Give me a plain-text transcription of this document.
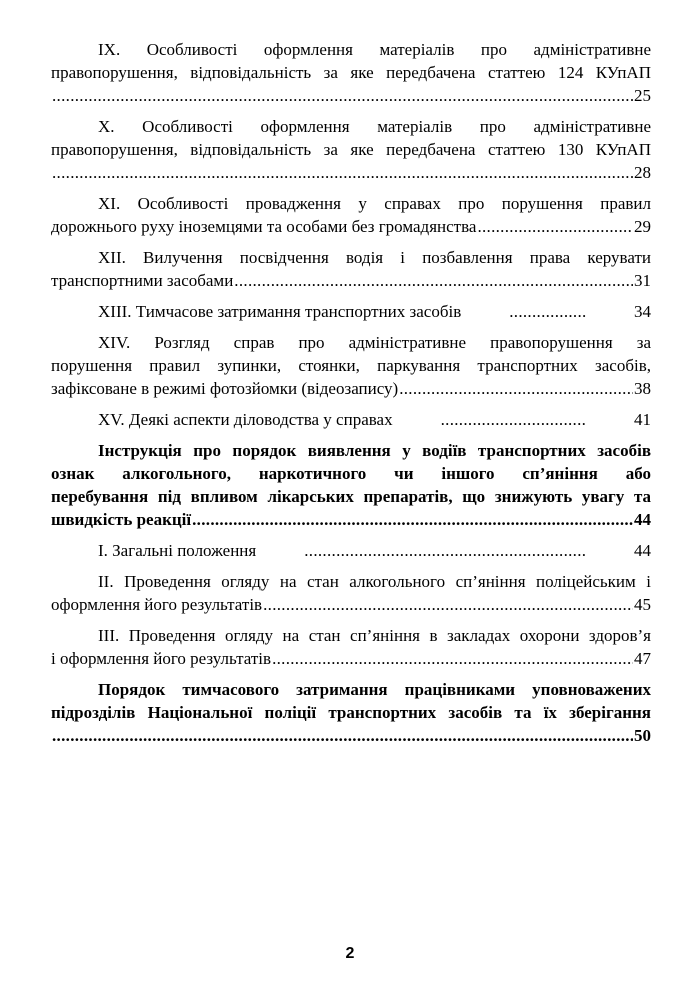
IX. Особливості оформлення матеріалів про адміністративне
правопорушення, відповідальність за яке передбачена статтею 124 КУпАП
.....
25
X. Особливості оформлення матеріалів про адміністративне
правопорушення, відповідальність за яке передбачена статтею 130 КУпАП
.....
28
XI. Особливості провадження у справах про порушення правил
дорожнього руху іноземцями та особами без громадянства .....	29
XII. Вилучення посвідчення водія і позбавлення права керувати
транспортними засобами .....	31
XIII. Тимчасове затримання транспортних засобів .....	34
XIV. Розгляд справ про адміністративне правопорушення за
порушення правил зупинки, стоянки, паркування транспортних засобів,
зафіксоване в режимі фотозйомки (відеозапису) .....	38
XV. Деякі аспекти діловодства у справах .....	41
Інструкція про порядок виявлення у водіїв транспортних засобів
ознак алкогольного, наркотичного чи іншого сп’яніння або
перебування під впливом лікарських препаратів, що знижують увагу та
швидкість реакції .....	44
I. Загальні положення .....	44
II. Проведення огляду на стан алкогольного сп’яніння поліцейським і
оформлення його результатів .....	45
III. Проведення огляду на стан сп’яніння в закладах охорони здоров’я
і оформлення його результатів .....	47
Порядок тимчасового затримання працівниками уповноважених
підрозділів Національної поліції транспортних засобів та їх зберігання
.....
50
2
